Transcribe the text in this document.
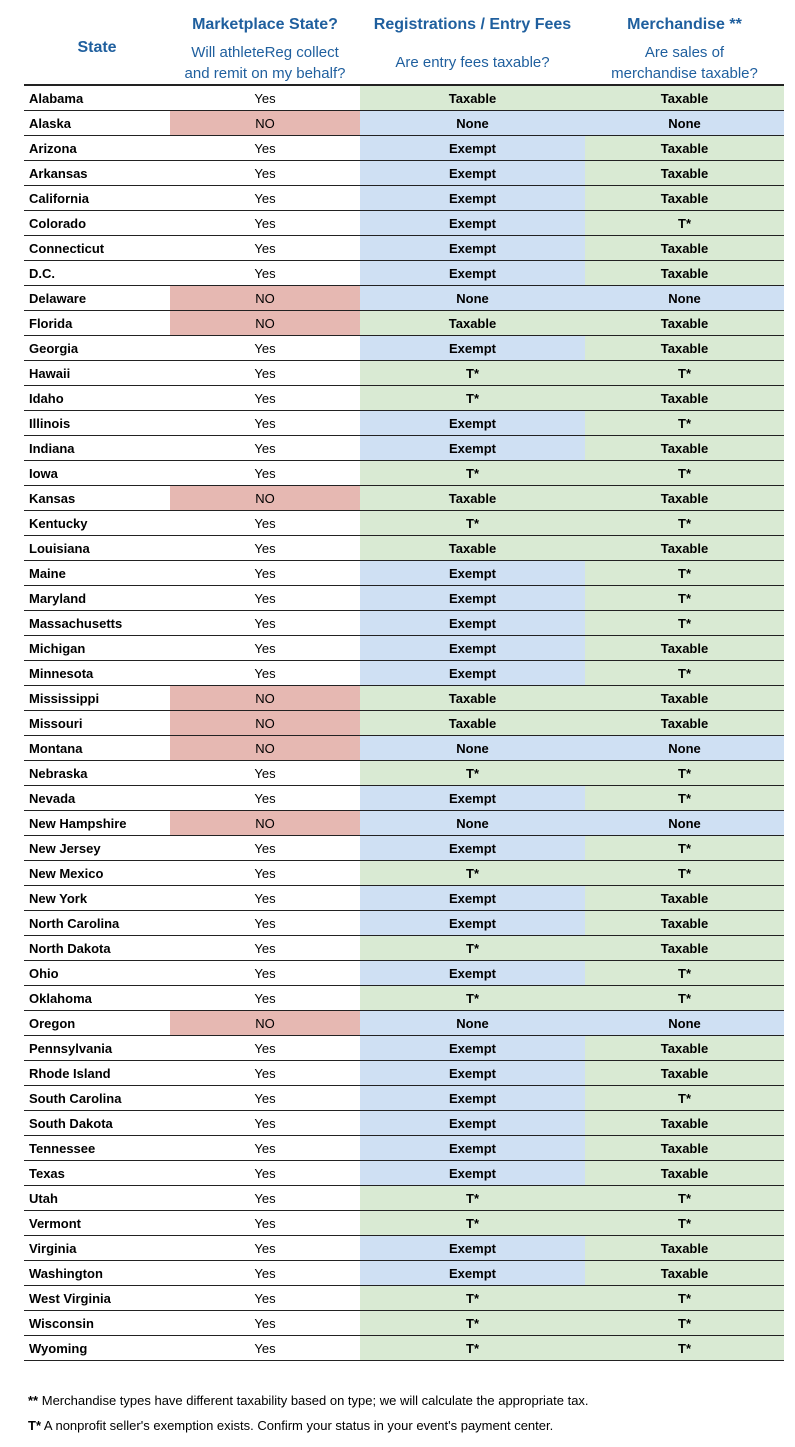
State
Marketplace State?
Will athleteReg collect
and remit on my behalf?
Registrations / Entry Fees
Are entry fees taxable?
Merchandise **
Are sales of
merchandise taxable?
Alabama	Yes	Taxable	Taxable
Alaska	NO	None	None
Arizona	Yes	Exempt	Taxable
Arkansas	Yes	Exempt	Taxable
California	Yes	Exempt	Taxable
Colorado	Yes	Exempt	T*
Connecticut	Yes	Exempt	Taxable
D.C.	Yes	Exempt	Taxable
Delaware	NO	None	None
Florida	NO	Taxable	Taxable
Georgia	Yes	Exempt	Taxable
Hawaii	Yes	T*	T*
Idaho	Yes	T*	Taxable
Illinois	Yes	Exempt	T*
Indiana	Yes	Exempt	Taxable
Iowa	Yes	T*	T*
Kansas	NO	Taxable	Taxable
Kentucky	Yes	T*	T*
Louisiana	Yes	Taxable	Taxable
Maine	Yes	Exempt	T*
Maryland	Yes	Exempt	T*
Massachusetts	Yes	Exempt	T*
Michigan	Yes	Exempt	Taxable
Minnesota	Yes	Exempt	T*
Mississippi	NO	Taxable	Taxable
Missouri	NO	Taxable	Taxable
Montana	NO	None	None
Nebraska	Yes	T*	T*
Nevada	Yes	Exempt	T*
New Hampshire	NO	None	None
New Jersey	Yes	Exempt	T*
New Mexico	Yes	T*	T*
New York	Yes	Exempt	Taxable
North Carolina	Yes	Exempt	Taxable
North Dakota	Yes	T*	Taxable
Ohio	Yes	Exempt	T*
Oklahoma	Yes	T*	T*
Oregon	NO	None	None
Pennsylvania	Yes	Exempt	Taxable
Rhode Island	Yes	Exempt	Taxable
South Carolina	Yes	Exempt	T*
South Dakota	Yes	Exempt	Taxable
Tennessee	Yes	Exempt	Taxable
Texas	Yes	Exempt	Taxable
Utah	Yes	T*	T*
Vermont	Yes	T*	T*
Virginia	Yes	Exempt	Taxable
Washington	Yes	Exempt	Taxable
West Virginia	Yes	T*	T*
Wisconsin	Yes	T*	T*
Wyoming	Yes	T*	T*
** Merchandise types have different taxability based on type; we will calculate the appropriate tax.
T* A nonprofit seller's exemption exists. Confirm your status in your event's payment center.
